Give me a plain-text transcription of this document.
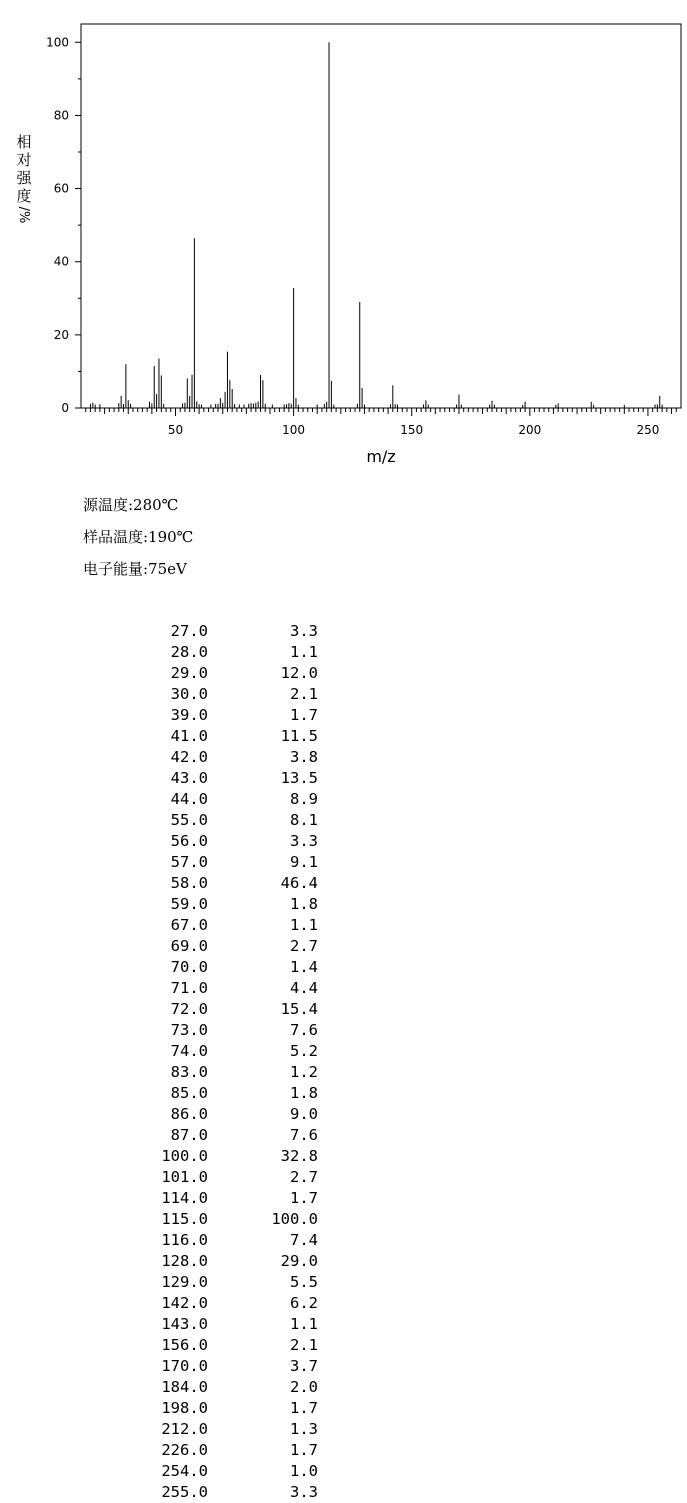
0
20
40
60
80
100
50	100	150	200	250
m/z
相
对
强
度
/%
源温度:280℃
样品温度:190℃
电子能量:75eV
27.0	3.3
28.0	1.1
29.0	12.0
30.0	2.1
39.0	1.7
41.0	11.5
42.0	3.8
43.0	13.5
44.0	8.9
55.0	8.1
56.0	3.3
57.0	9.1
58.0	46.4
59.0	1.8
67.0	1.1
69.0	2.7
70.0	1.4
71.0	4.4
72.0	15.4
73.0	7.6
74.0	5.2
83.0	1.2
85.0	1.8
86.0	9.0
87.0	7.6
100.0	32.8
101.0	2.7
114.0	1.7
115.0	100.0
116.0	7.4
128.0	29.0
129.0	5.5
142.0	6.2
143.0	1.1
156.0	2.1
170.0	3.7
184.0	2.0
198.0	1.7
212.0	1.3
226.0	1.7
254.0	1.0
255.0	3.3
